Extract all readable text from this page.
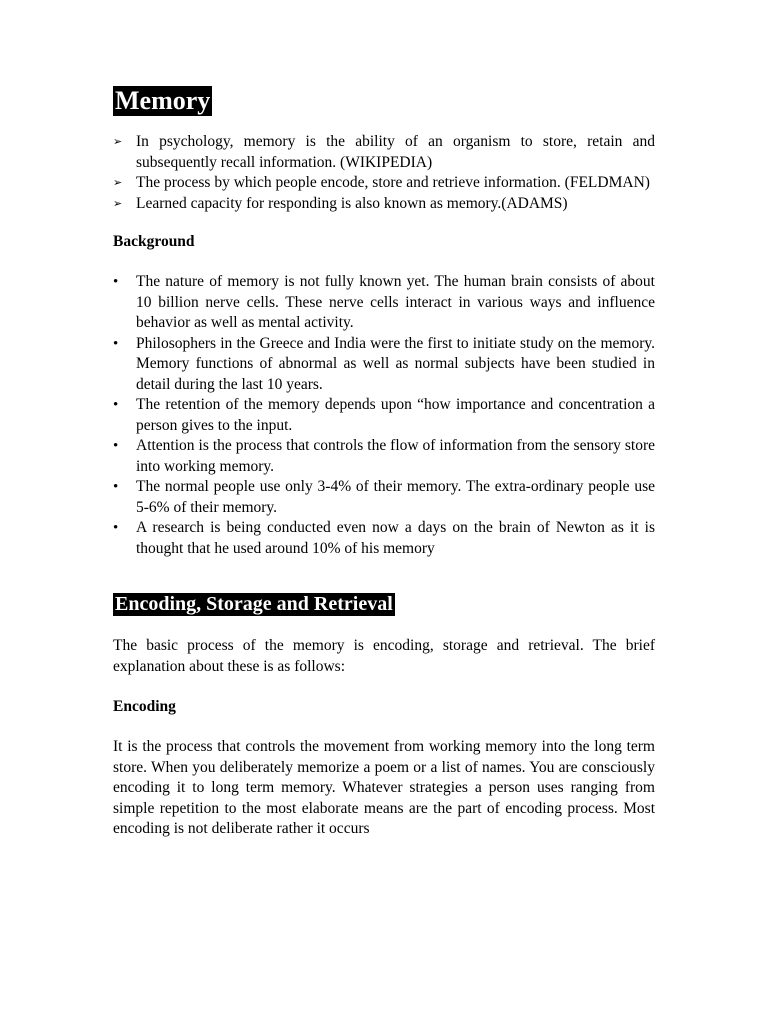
Memory
➢ In psychology, memory is the ability of an organism to store, retain and subsequently recall information. (WIKIPEDIA)
➢ The process by which people encode, store and retrieve information. (FELDMAN)
➢ Learned capacity for responding is also known as memory.(ADAMS)

Background

• The nature of memory is not fully known yet. The human brain consists of about 10 billion nerve cells. These nerve cells interact in various ways and influence behavior as well as mental activity.
• Philosophers in the Greece and India were the first to initiate study on the memory. Memory functions of abnormal as well as normal subjects have been studied in detail during the last 10 years.
• The retention of the memory depends upon “how importance and concentration a person gives to the input.
• Attention is the process that controls the flow of information from the sensory store into working memory.
• The normal people use only 3-4% of their memory. The extra-ordinary people use 5-6% of their memory.
• A research is being conducted even now a days on the brain of Newton as it is thought that he used around 10% of his memory
Encoding, Storage and Retrieval

The basic process of the memory is encoding, storage and retrieval. The brief explanation about these is as follows:

Encoding

It is the process that controls the movement from working memory into the long term store. When you deliberately memorize a poem or a list of names. You are consciously encoding it to long term memory. Whatever strategies a person uses ranging from simple repetition to the most elaborate means are the part of encoding process. Most encoding is not deliberate rather it occurs
